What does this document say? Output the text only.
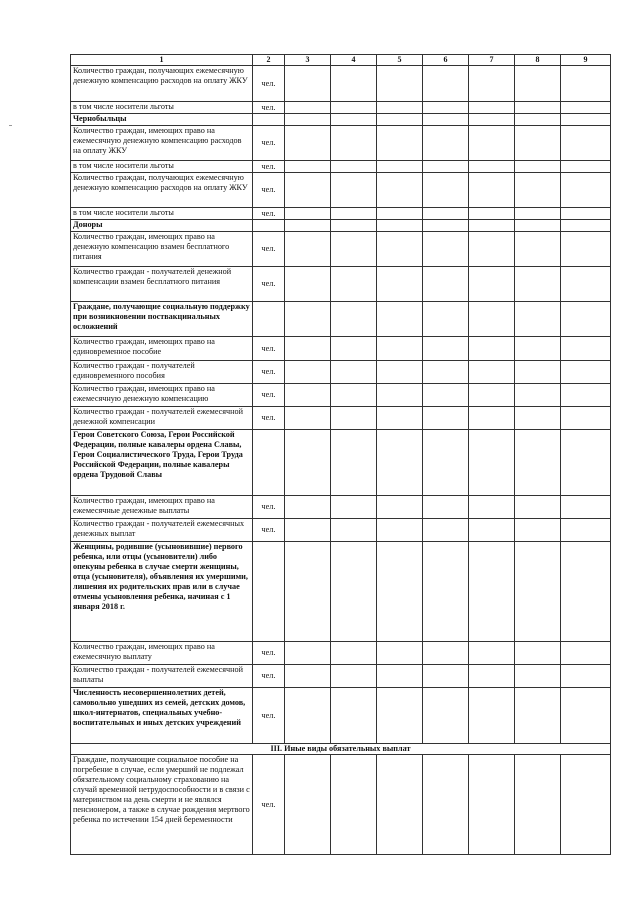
1	2	3	4	5	6	7	8	9
Количество граждан, получающих ежемесячную денежную компенсацию расходов на оплату ЖКУ	чел.							
в том числе носители льготы	чел.							
Чернобыльцы								
Количество граждан, имеющих право на ежемесячную денежную компенсацию расходов на оплату ЖКУ	чел.							
в том числе носители льготы	чел.							
Количество граждан, получающих ежемесячную денежную компенсацию расходов на оплату ЖКУ	чел.							
в том числе носители льготы	чел.							
Доноры								
Количество граждан, имеющих право на денежную компенсацию взамен бесплатного питания	чел.							
Количество граждан - получателей денежной компенсации взамен бесплатного питания	чел.							
Граждане, получающие социальную поддержку при возникновении поствакцинальных осложнений								
Количество граждан, имеющих право на единовременное пособие	чел.							
Количество граждан - получателей единовременного пособия	чел.							
Количество граждан, имеющих право на ежемесячную денежную компенсацию	чел.							
Количество граждан - получателей ежемесячной денежной компенсации	чел.							
Герои Советского Союза, Герои Российской Федерации, полные кавалеры ордена Славы, Герои Социалистического Труда, Герои Труда Российской Федерации, полные кавалеры ордена Трудовой Славы								
Количество граждан, имеющих право на ежемесячные денежные выплаты	чел.							
Количество граждан - получателей ежемесячных денежных выплат	чел.							
Женщины, родившие (усыновившие) первого ребенка, или отцы (усыновители) либо опекуны ребенка в случае смерти женщины, отца (усыновителя), объявления их умершими, лишения их родительских прав или в случае отмены усыновления ребенка, начиная с 1 января 2018 г.								
Количество граждан, имеющих право на ежемесячную выплату	чел.							
Количество граждан - получателей ежемесячной выплаты	чел.							
Численность несовершеннолетних детей, самовольно ушедших из семей, детских домов, школ-интернатов, специальных учебно-воспитательных и иных детских учреждений	чел.							
III. Иные виды обязательных выплат								
Граждане, получающие социальное пособие на погребение в случае, если умерший не подлежал обязательному социальному страхованию на случай временной нетрудоспособности и в связи с материнством на день смерти и не являлся пенсионером, а также в случае рождения мертвого ребенка по истечении 154 дней беременности	чел.							
